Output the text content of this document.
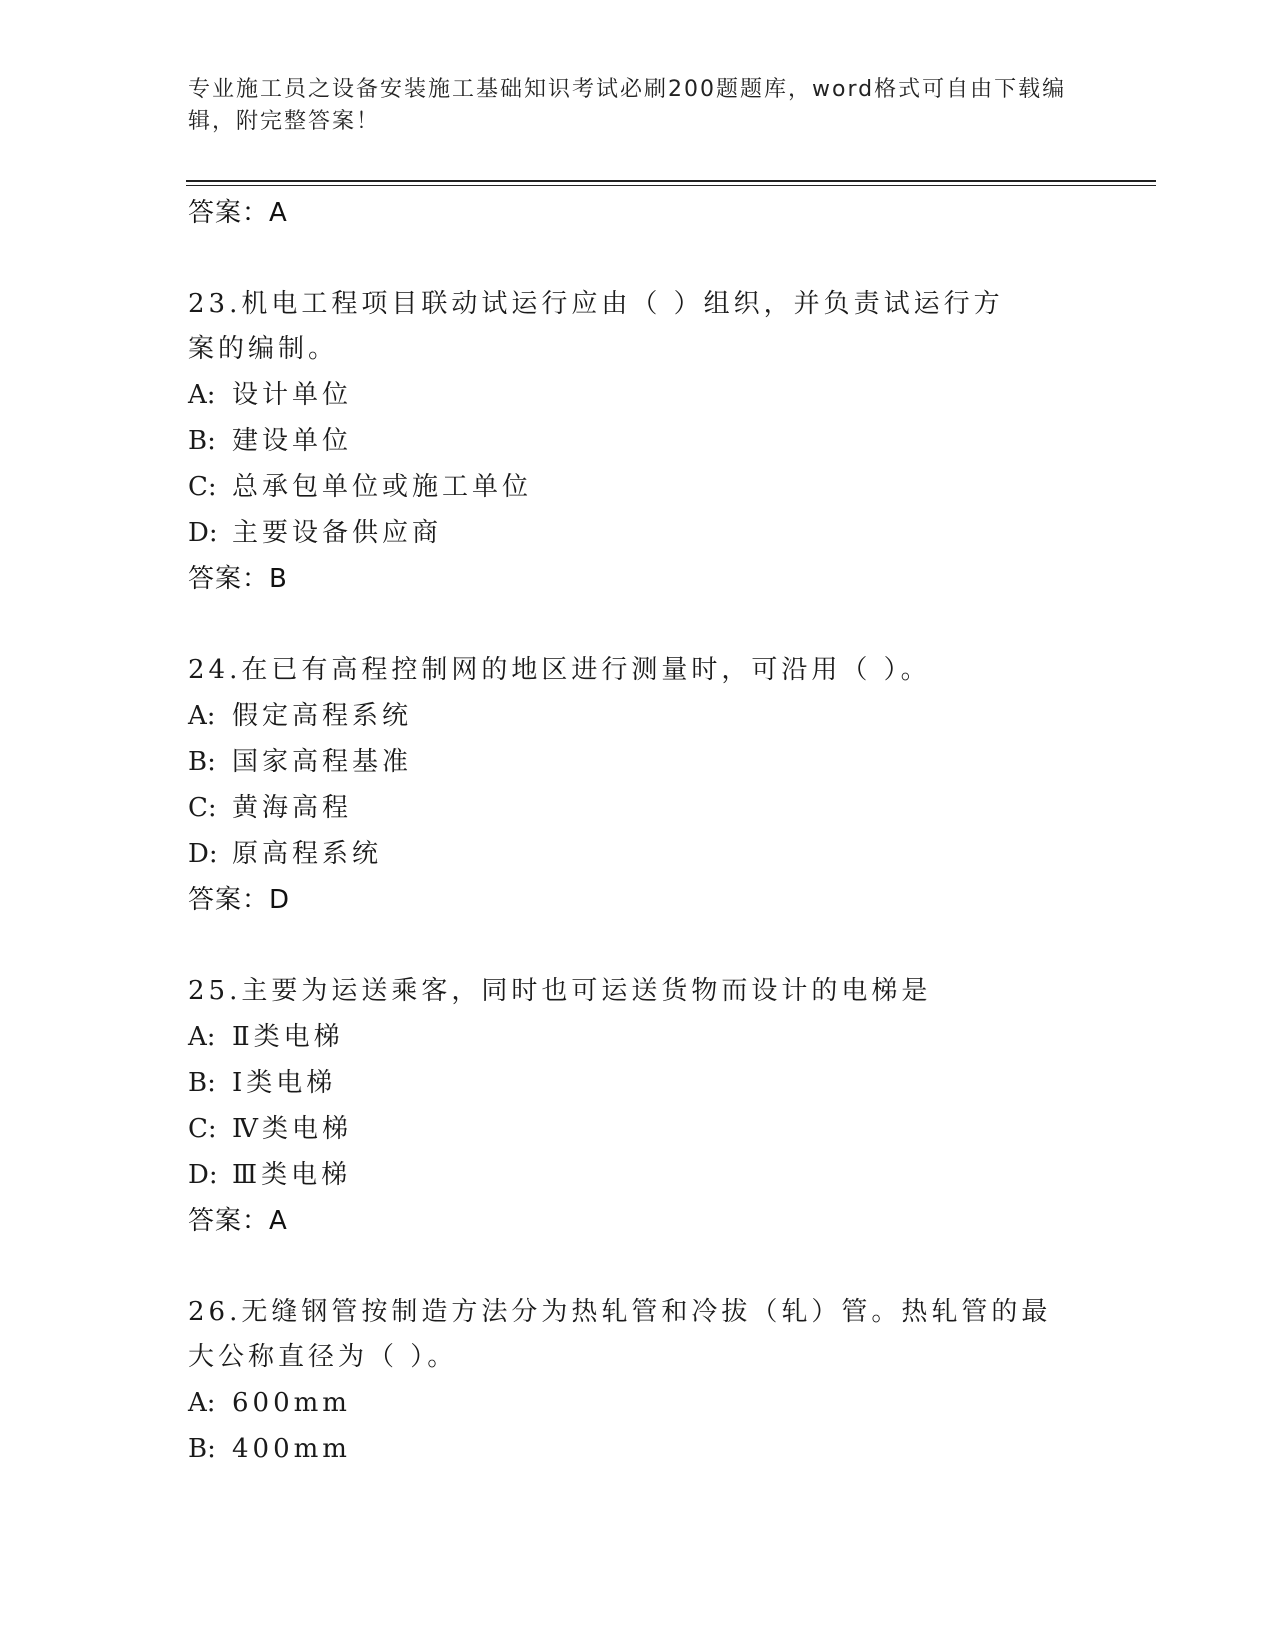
专业施工员之设备安装施工基础知识考试必刷200题题库，word格式可自由下载编辑，附完整答案！
答案：A
23.机电工程项目联动试运行应由（ ）组织，并负责试运行方案的编制。
A: 设计单位
B: 建设单位
C: 总承包单位或施工单位
D: 主要设备供应商
答案：B
24.在已有高程控制网的地区进行测量时，可沿用（ ）。
A: 假定高程系统
B: 国家高程基准
C: 黄海高程
D: 原高程系统
答案：D
25.主要为运送乘客，同时也可运送货物而设计的电梯是
A: Ⅱ类电梯
B: Ⅰ类电梯
C: Ⅳ类电梯
D: Ⅲ类电梯
答案：A
26.无缝钢管按制造方法分为热轧管和冷拔（轧）管。热轧管的最大公称直径为（ ）。
A: 600mm
B: 400mm
